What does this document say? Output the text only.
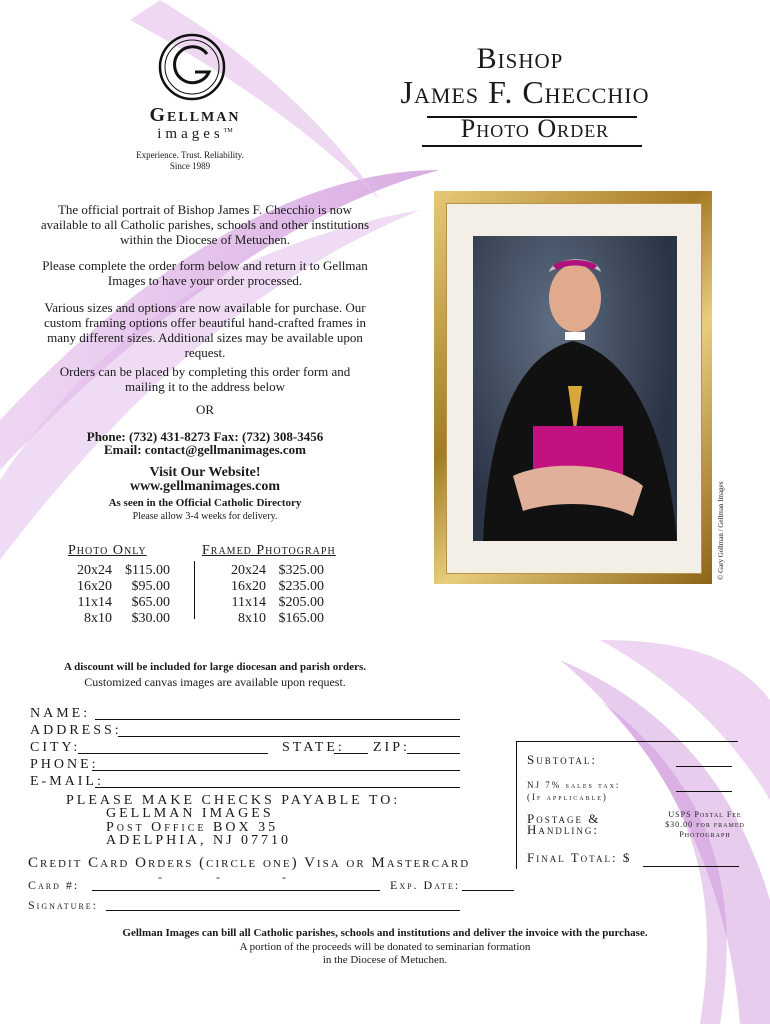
Gellman
images™
Experience. Trust. Reliability.
Since 1989
Bishop
James F. Checchio
Photo Order
The official portrait of Bishop James F. Checchio is now available to all Catholic parishes, schools and other institutions within the Diocese of Metuchen.
Please complete the order form below and return it to Gellman Images to have your order processed.
Various sizes and options are now available for purchase. Our custom framing options offer beautiful hand-crafted frames in many different sizes. Additional sizes may be available upon request.
Orders can be placed by completing this order form and mailing it to the address below
OR
Phone: (732) 431-8273 Fax: (732) 308-3456
Email: contact@gellmanimages.com
Visit Our Website!
www.gellmanimages.com
As seen in the Official Catholic Directory
Please allow 3-4 weeks for delivery.	© Gary Gellman / Gellman Images
Photo Only	Framed Photograph
20x24 $115.00
16x20	$95.00
11x14	$65.00
8x10	$30.00
20x24 $325.00
16x20 $235.00
11x14 $205.00
8x10 $165.00
A discount will be included for large diocesan and parish orders.
Customized canvas images are available upon request.
NAME:
ADDRESS:
CITY:	STATE: ZIP:
PHONE:
E-MAIL:
PLEASE MAKE CHECKS PAYABLE TO:
GELLMAN IMAGES
Post Office BOX 35
ADELPHIA, NJ 07710
Credit Card Orders (circle one) Visa or Mastercard
Card #:
-	-	-
Exp. Date:
Signature:
Subtotal:
NJ 7% sales tax:
(If applicable)
Postage &
Handling:
USPS Postal Fee
$30.00 for framed
Photograph
Final Total: $
Gellman Images can bill all Catholic parishes, schools and institutions and deliver the invoice with the purchase.
A portion of the proceeds will be donated to seminarian formation
in the Diocese of Metuchen.
